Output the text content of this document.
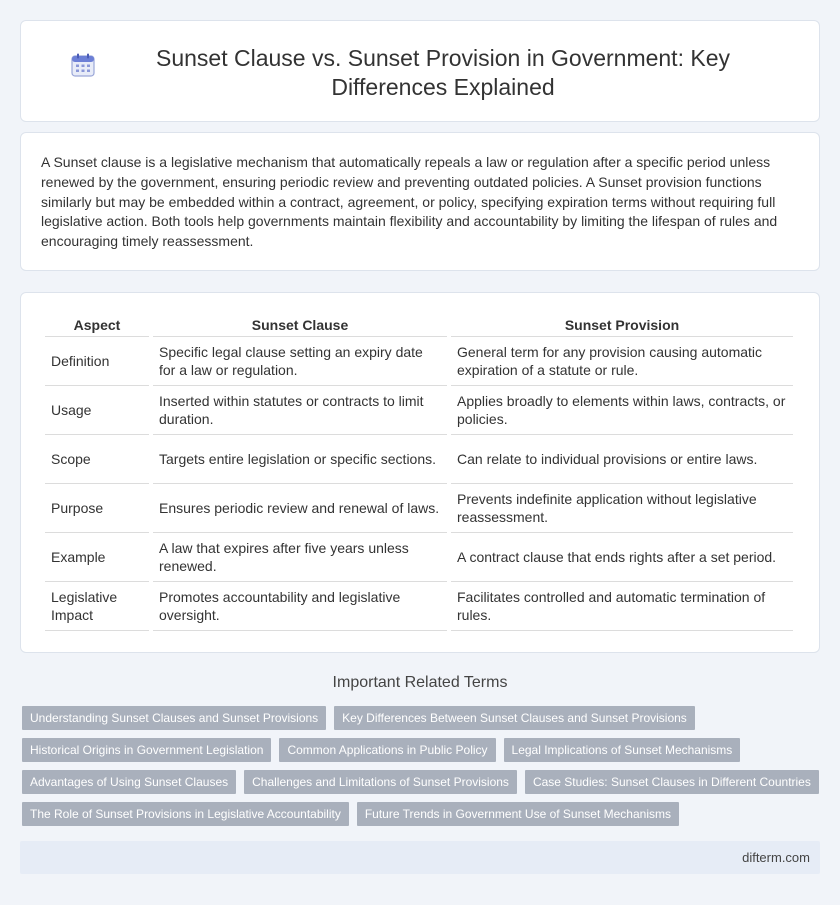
Sunset Clause vs. Sunset Provision in Government: Key Differences Explained

A Sunset clause is a legislative mechanism that automatically repeals a law or regulation after a specific period unless renewed by the government, ensuring periodic review and preventing outdated policies. A Sunset provision functions similarly but may be embedded within a contract, agreement, or policy, specifying expiration terms without requiring full legislative action. Both tools help governments maintain flexibility and accountability by limiting the lifespan of rules and encouraging timely reassessment.

Aspect	Sunset Clause	Sunset Provision
Definition	Specific legal clause setting an expiry date for a law or regulation.	General term for any provision causing automatic expiration of a statute or rule.
Usage	Inserted within statutes or contracts to limit duration.	Applies broadly to elements within laws, contracts, or policies.
Scope	Targets entire legislation or specific sections.	Can relate to individual provisions or entire laws.
Purpose	Ensures periodic review and renewal of laws.	Prevents indefinite application without legislative reassessment.
Example	A law that expires after five years unless renewed.	A contract clause that ends rights after a set period.
Legislative Impact	Promotes accountability and legislative oversight.	Facilitates controlled and automatic termination of rules.
Important Related Terms
Understanding Sunset Clauses and Sunset Provisions	Key Differences Between Sunset Clauses and Sunset Provisions
Historical Origins in Government Legislation	Common Applications in Public Policy	Legal Implications of Sunset Mechanisms
Advantages of Using Sunset Clauses	Challenges and Limitations of Sunset Provisions	Case Studies: Sunset Clauses in Different Countries
The Role of Sunset Provisions in Legislative Accountability	Future Trends in Government Use of Sunset Mechanisms
difterm.com
